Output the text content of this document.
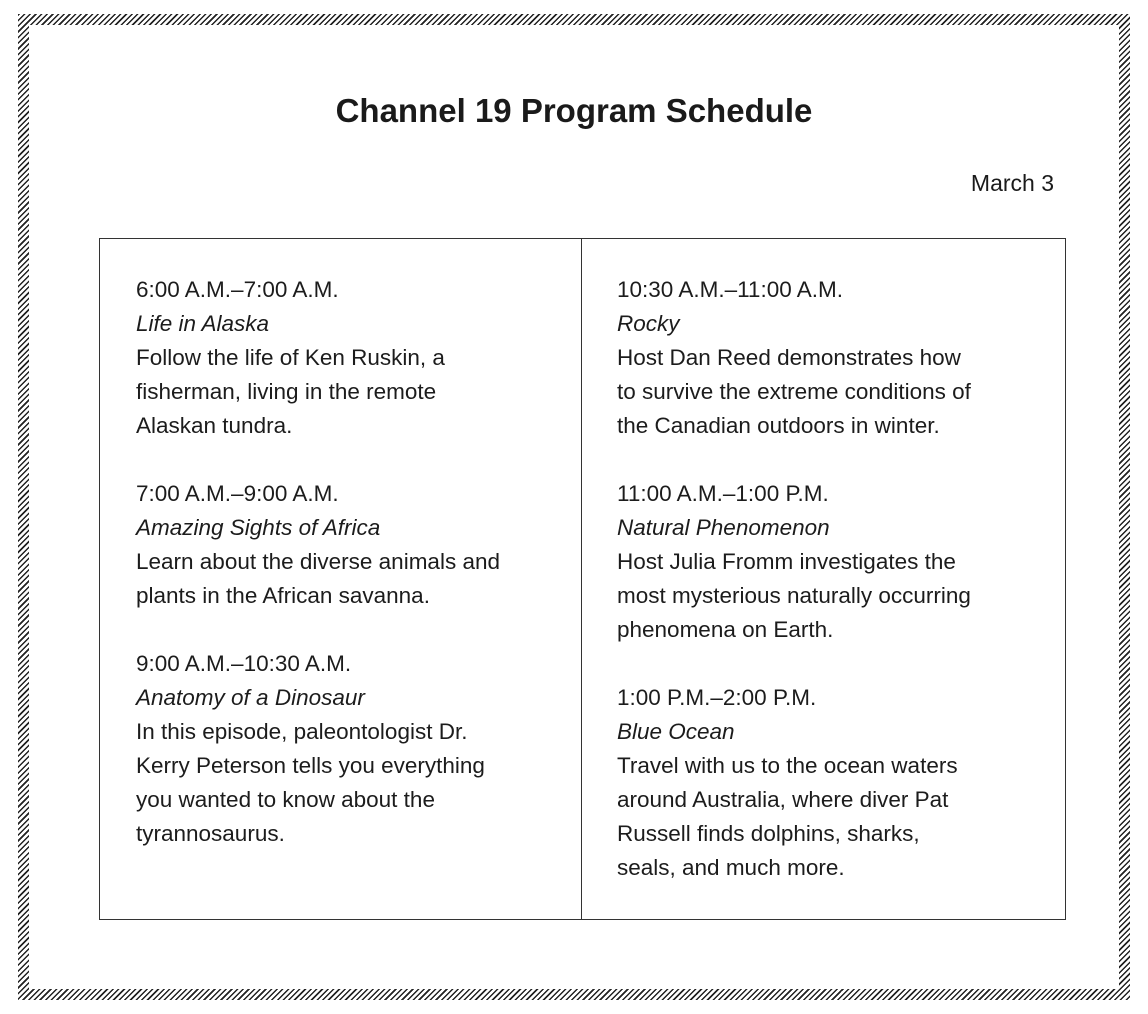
Channel 19 Program Schedule
March 3
6:00 A.M.–7:00 A.M.
Life in Alaska
Follow the life of Ken Ruskin, a
fisherman, living in the remote
Alaskan tundra.
7:00 A.M.–9:00 A.M.
Amazing Sights of Africa
Learn about the diverse animals and
plants in the African savanna.
9:00 A.M.–10:30 A.M.
Anatomy of a Dinosaur
In this episode, paleontologist Dr.
Kerry Peterson tells you everything
you wanted to know about the
tyrannosaurus.
10:30 A.M.–11:00 A.M.
Rocky
Host Dan Reed demonstrates how
to survive the extreme conditions of
the Canadian outdoors in winter.
11:00 A.M.–1:00 P.M.
Natural Phenomenon
Host Julia Fromm investigates the
most mysterious naturally occurring
phenomena on Earth.
1:00 P.M.–2:00 P.M.
Blue Ocean
Travel with us to the ocean waters
around Australia, where diver Pat
Russell finds dolphins, sharks,
seals, and much more.
